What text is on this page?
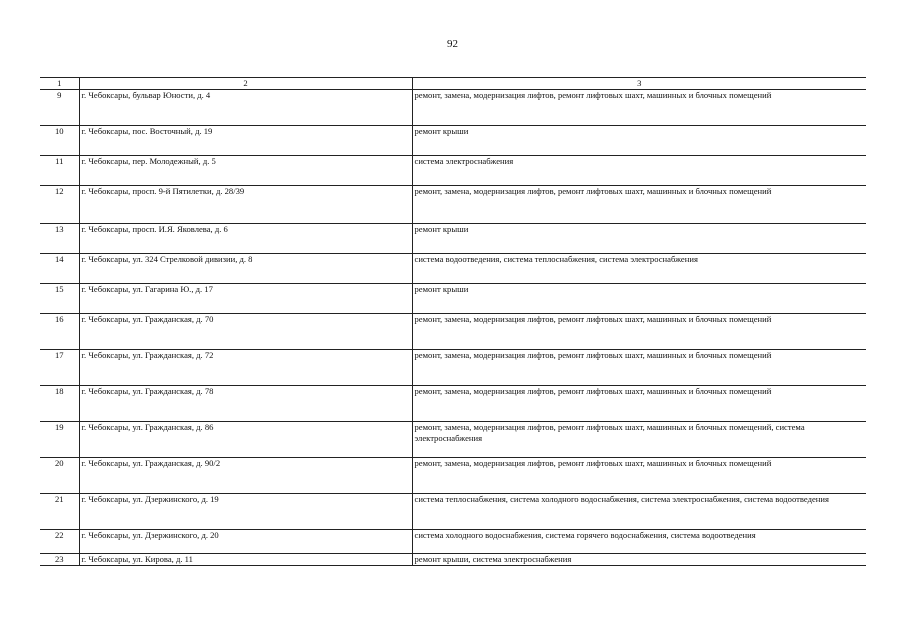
92
1	2	3
9	г. Чебоксары, бульвар Юности, д. 4	ремонт, замена, модернизация лифтов, ремонт лифтовых шахт, машинных и блочных помещений
10	г. Чебоксары, пос. Восточный, д. 19	ремонт крыши
11	г. Чебоксары, пер. Молодежный, д. 5	система электроснабжения
12	г. Чебоксары, просп. 9-й Пятилетки, д. 28/39	ремонт, замена, модернизация лифтов, ремонт лифтовых шахт, машинных и блочных помещений
13	г. Чебоксары, просп. И.Я. Яковлева, д. 6	ремонт крыши
14	г. Чебоксары, ул. 324 Стрелковой дивизии, д. 8	система водоотведения, система теплоснабжения, система электроснабжения
15	г. Чебоксары, ул. Гагарина Ю., д. 17	ремонт крыши
16	г. Чебоксары, ул. Гражданская, д. 70	ремонт, замена, модернизация лифтов, ремонт лифтовых шахт, машинных и блочных помещений
17	г. Чебоксары, ул. Гражданская, д. 72	ремонт, замена, модернизация лифтов, ремонт лифтовых шахт, машинных и блочных помещений
18	г. Чебоксары, ул. Гражданская, д. 78	ремонт, замена, модернизация лифтов, ремонт лифтовых шахт, машинных и блочных помещений
19	г. Чебоксары, ул. Гражданская, д. 86	ремонт, замена, модернизация лифтов, ремонт лифтовых шахт, машинных и блочных помещений, система электроснабжения
20	г. Чебоксары, ул. Гражданская, д. 90/2	ремонт, замена, модернизация лифтов, ремонт лифтовых шахт, машинных и блочных помещений
21	г. Чебоксары, ул. Дзержинского, д. 19	система теплоснабжения, система холодного водоснабжения, система электроснабжения, система водоотведения
22	г. Чебоксары, ул. Дзержинского, д. 20	система холодного водоснабжения, система горячего водоснабжения, система водоотведения
23	г. Чебоксары, ул. Кирова, д. 11	ремонт крыши, система электроснабжения
